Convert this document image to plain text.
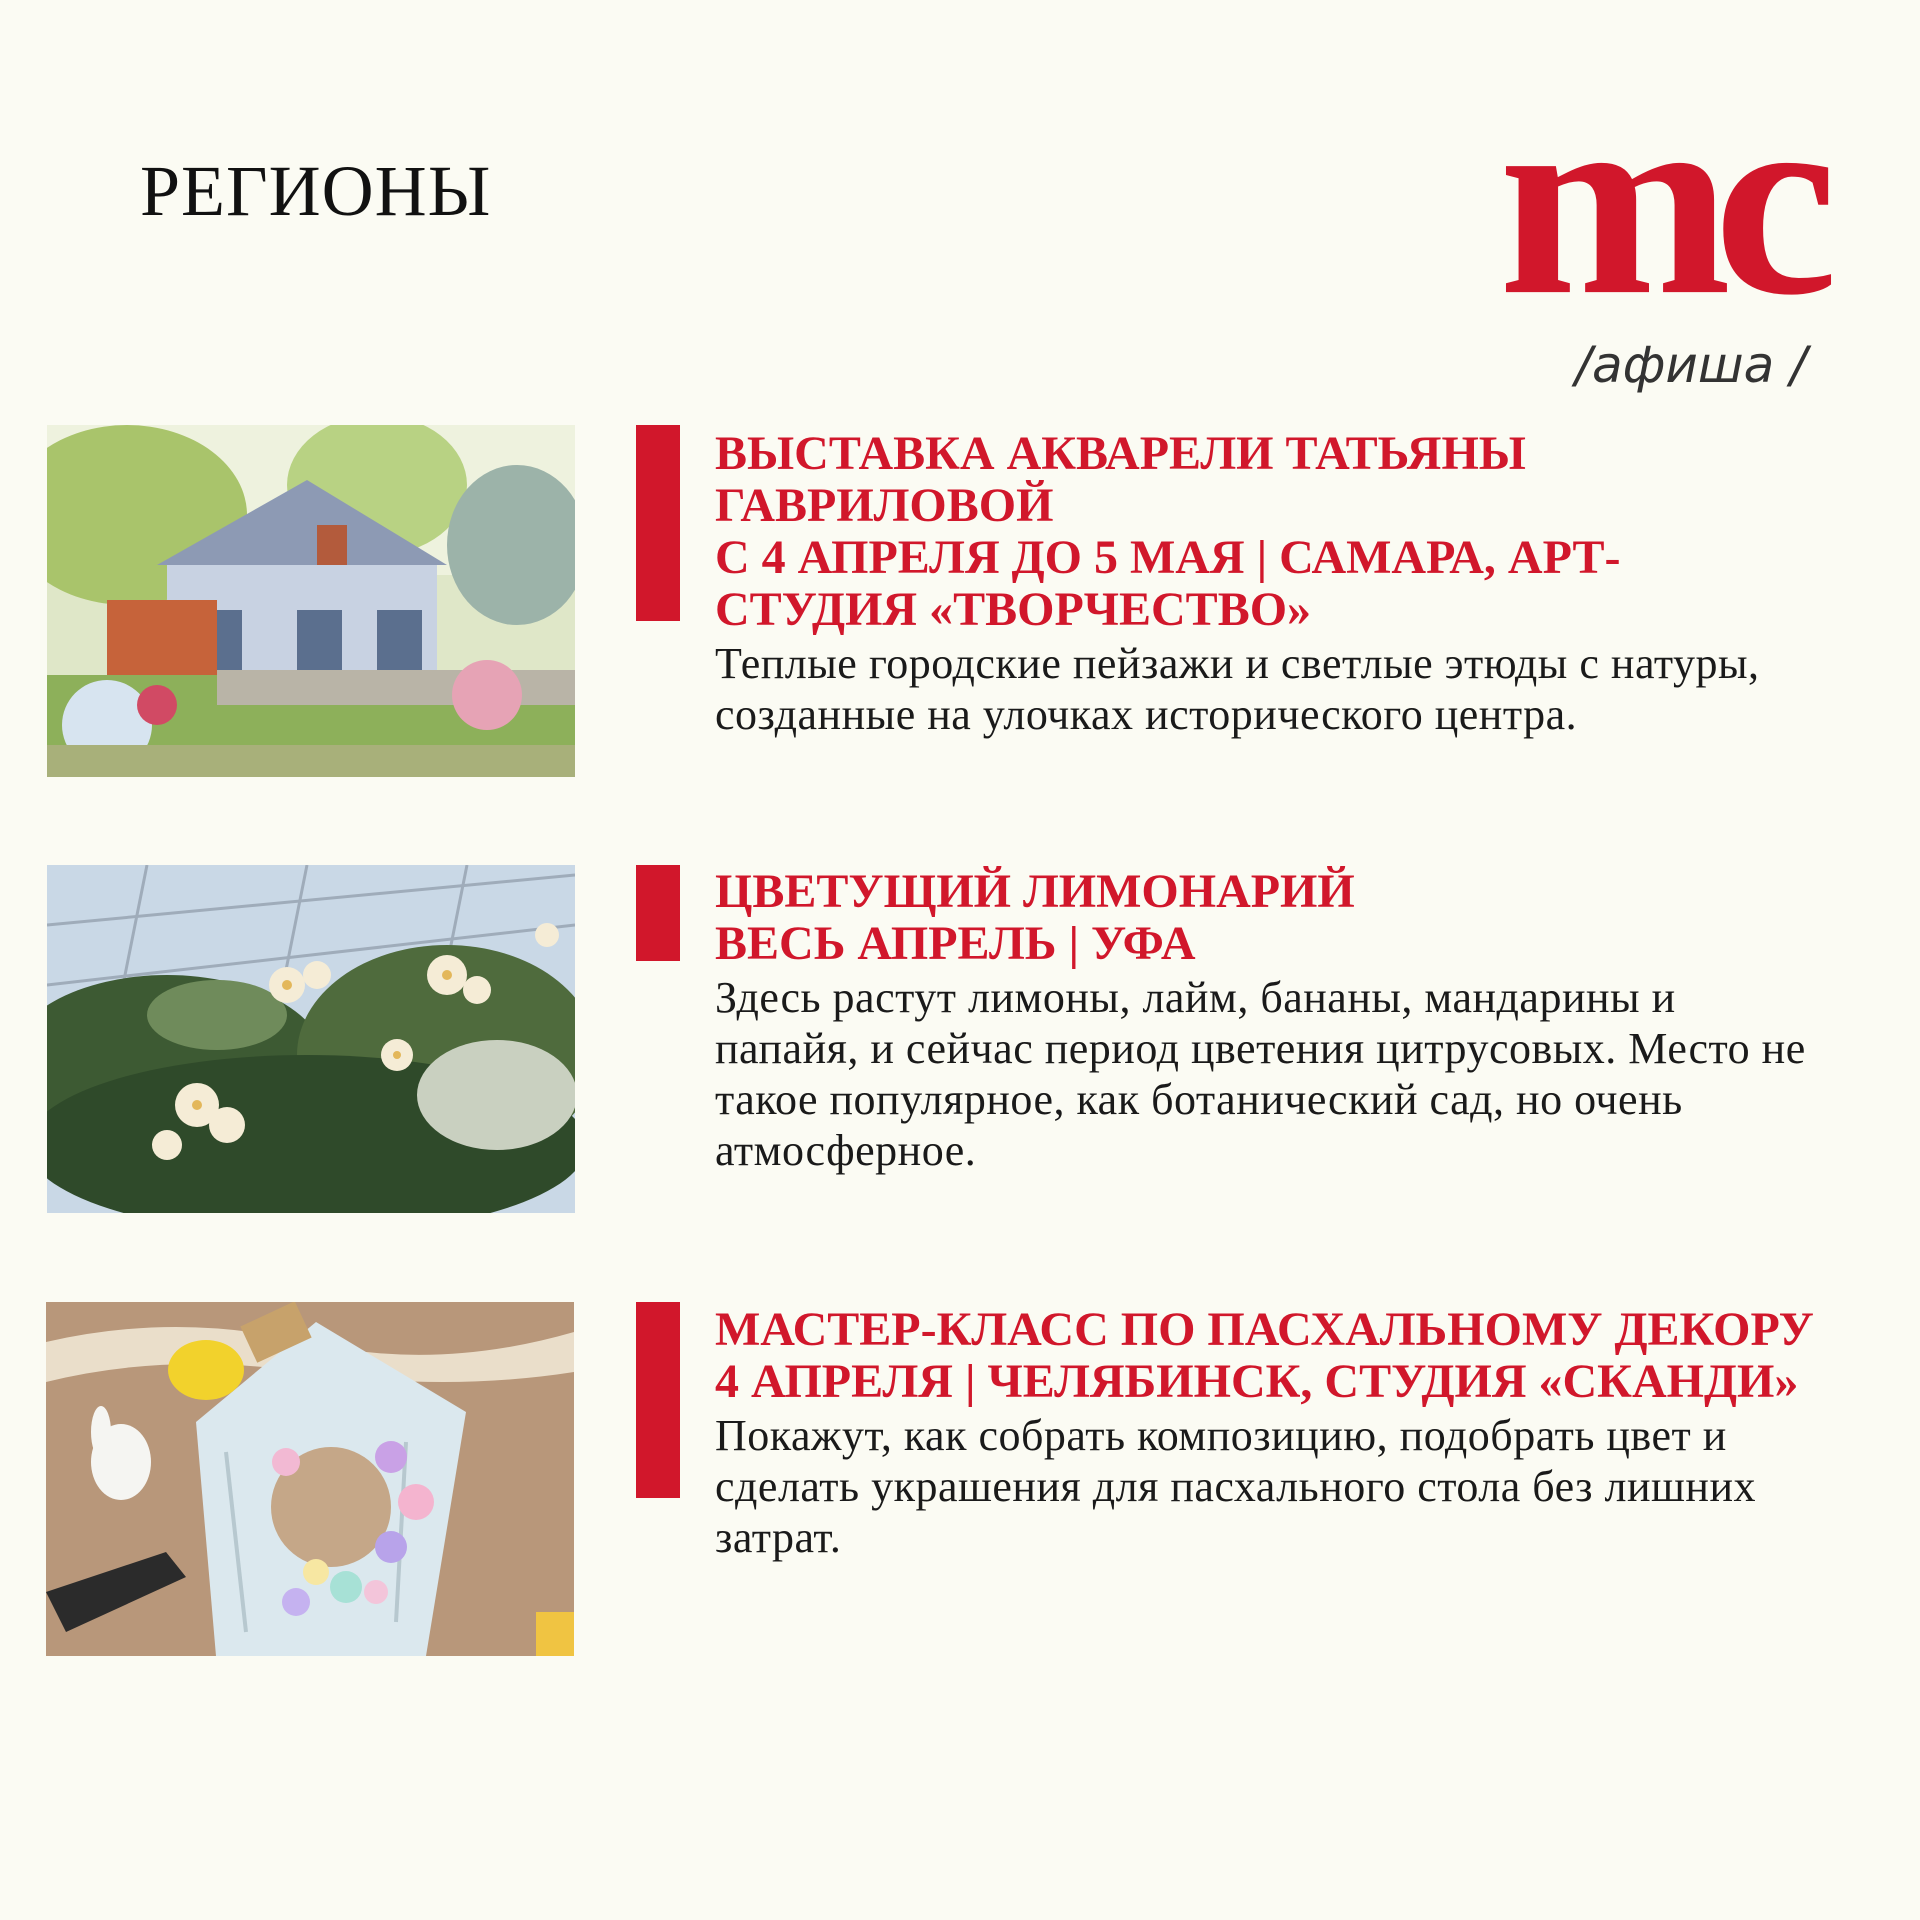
РЕГИОНЫ	mc
/афиша /

ВЫСТАВКА АКВАРЕЛИ ТАТЬЯНЫ ГАВРИЛОВОЙ

С 4 АПРЕЛЯ ДО 5 МАЯ | САМАРА, АРТ-СТУДИЯ «ТВОРЧЕСТВО»

Теплые городские пейзажи и светлые этюды с натуры, созданные на улочках исторического центра.

ЦВЕТУЩИЙ ЛИМОНАРИЙ

ВЕСЬ АПРЕЛЬ | УФА

Здесь растут лимоны, лайм, бананы, мандарины и папайя, и сейчас период цветения цитрусовых. Место не такое популярное, как ботанический сад, но очень атмосферное.

МАСТЕР-КЛАСС ПО ПАСХАЛЬНОМУ ДЕКОРУ

4 АПРЕЛЯ | ЧЕЛЯБИНСК, СТУДИЯ «СКАНДИ»

Покажут, как собрать композицию, подобрать цвет и сделать украшения для пасхального стола без лишних затрат.
